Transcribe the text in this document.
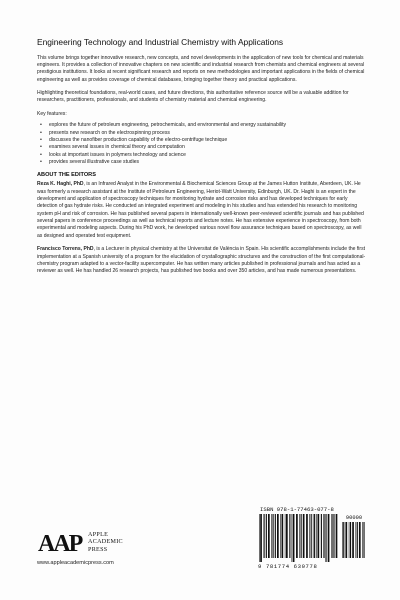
Engineering Technology and Industrial Chemistry with Applications

This volume brings together innovative research, new concepts, and novel developments in the application of new tools for chemical and materials engineers. It provides a collection of innovative chapters on new scientific and industrial research from chemists and chemical engineers at several prestigious institutions. It looks at recent significant research and reports on new methodologies and important applications in the fields of chemical engineering as well as provides coverage of chemical databases, bringing together theory and practical applications.

Highlighting theoretical foundations, real-world cases, and future directions, this authoritative reference source will be a valuable addition for researchers, practitioners, professionals, and students of chemistry material and chemical engineering.

Key features:
• explores the future of petroleum engineering, petrochemicals, and environmental and energy sustainability
• presents new research on the electrospinning process
• discusses the nanofiber production capability of the electro-centrifuge technique
• examines several issues in chemical theory and computation
• looks at important issues in polymers technology and science
• provides several illustrative case studies
ABOUT THE EDITORS

Reza K. Haghi, PhD, is an Infrared Analyst in the Environmental & Biochemical Sciences Group at the James Hutton Institute, Aberdeen, UK. He was formerly a research assistant at the Institute of Petroleum Engineering, Heriot-Watt University, Edinburgh, UK. Dr. Haghi is an expert in the development and application of spectroscopy techniques for monitoring hydrate and corrosion risks and has developed techniques for early detection of gas hydrate risks. He conducted an integrated experiment and modeling in his studies and has extended his research to monitoring system pH and risk of corrosion. He has published several papers in internationally well-known peer-reviewed scientific journals and has published several papers in conference proceedings as well as technical reports and lecture notes. He has extensive experience in spectroscopy, from both experimental and modeling aspects. During his PhD work, he developed various novel flow assurance techniques based on spectroscopy, as well as designed and operated test equipment.

Francisco Torrens, PhD, is a Lecturer in physical chemistry at the Universitat de València in Spain. His scientific accomplishments include the first implementation at a Spanish university of a program for the elucidation of crystallographic structures and the construction of the first computational-chemistry program adapted to a vector-facility supercomputer. He has written many articles published in professional journals and has acted as a reviewer as well. He has handled 26 research projects, has published two books and over 350 articles, and has made numerous presentations.

AAP APPLE
ACADEMIC
PRESS
www.appleacademicpress.com
ISBN 978-1-77463-077-8
90000
9 781774 630778
